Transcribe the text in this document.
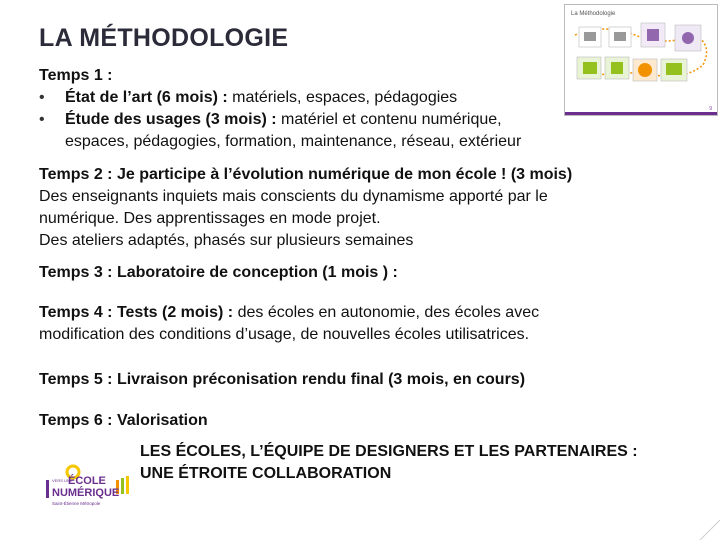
LA MÉTHODOLOGIE
Temps 1 :
• État de l’art (6 mois) : matériels, espaces, pédagogies
• Étude des usages (3 mois) : matériel et contenu numérique,
espaces, pédagogies, formation, maintenance, réseau, extérieur
Temps 2 : Je participe à l’évolution numérique de mon école ! (3 mois)
Des enseignants inquiets mais conscients du dynamisme apporté par le
numérique. Des apprentissages en mode projet.
Des ateliers adaptés, phasés sur plusieurs semaines
Temps 3 : Laboratoire de conception (1 mois ) :
Temps 4 : Tests (2 mois) : des écoles en autonomie, des écoles avec
modification des conditions d’usage, de nouvelles écoles utilisatrices.
Temps 5 : Livraison préconisation rendu final (3 mois, en cours)
Temps 6 : Valorisation
LES ÉCOLES, L’ÉQUIPE DE DESIGNERS ET LES PARTENAIRES :
UNE ÉTROITE COLLABORATION
La Méthodologie
9
VERS UNE
ÉCOLE
NUMÉRIQUE
Saint-Étienne Métropole
